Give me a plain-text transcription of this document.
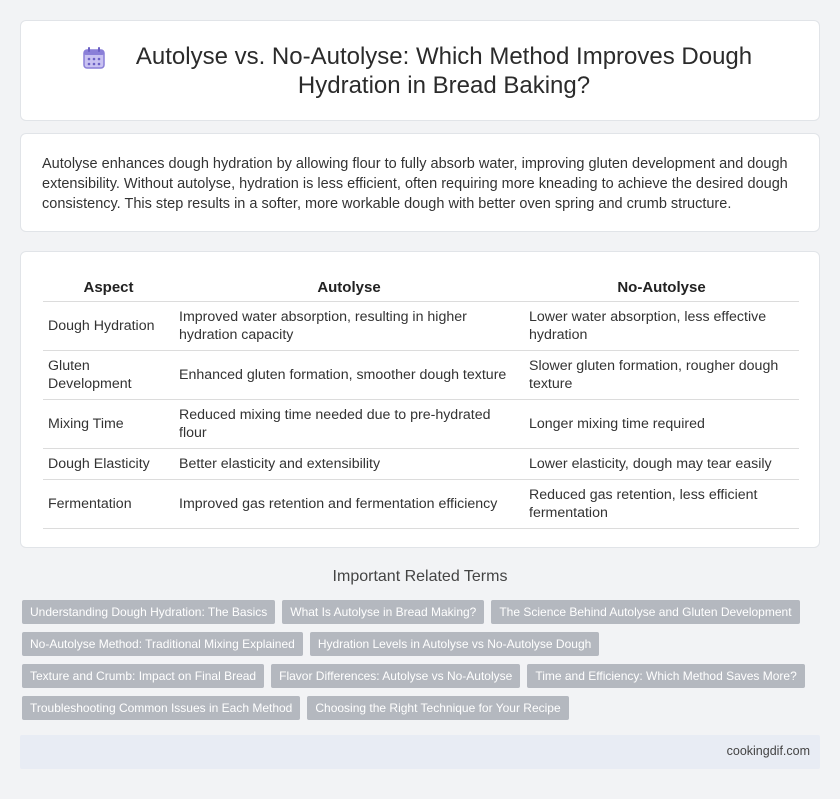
Autolyse vs. No-Autolyse: Which Method Improves Dough Hydration in Bread Baking?

Autolyse enhances dough hydration by allowing flour to fully absorb water, improving gluten development and dough extensibility. Without autolyse, hydration is less efficient, often requiring more kneading to achieve the desired dough consistency. This step results in a softer, more workable dough with better oven spring and crumb structure.

Aspect	Autolyse	No-Autolyse
Dough Hydration	Improved water absorption, resulting in higher hydration capacity	Lower water absorption, less effective hydration
Gluten Development	Enhanced gluten formation, smoother dough texture	Slower gluten formation, rougher dough texture
Mixing Time	Reduced mixing time needed due to pre-hydrated flour	Longer mixing time required
Dough Elasticity	Better elasticity and extensibility	Lower elasticity, dough may tear easily
Fermentation	Improved gas retention and fermentation efficiency	Reduced gas retention, less efficient fermentation
Important Related Terms
Understanding Dough Hydration: The Basics	What Is Autolyse in Bread Making?	The Science Behind Autolyse and Gluten Development
No-Autolyse Method: Traditional Mixing Explained	Hydration Levels in Autolyse vs No-Autolyse Dough
Texture and Crumb: Impact on Final Bread	Flavor Differences: Autolyse vs No-Autolyse	Time and Efficiency: Which Method Saves More?
Troubleshooting Common Issues in Each Method	Choosing the Right Technique for Your Recipe
cookingdif.com
